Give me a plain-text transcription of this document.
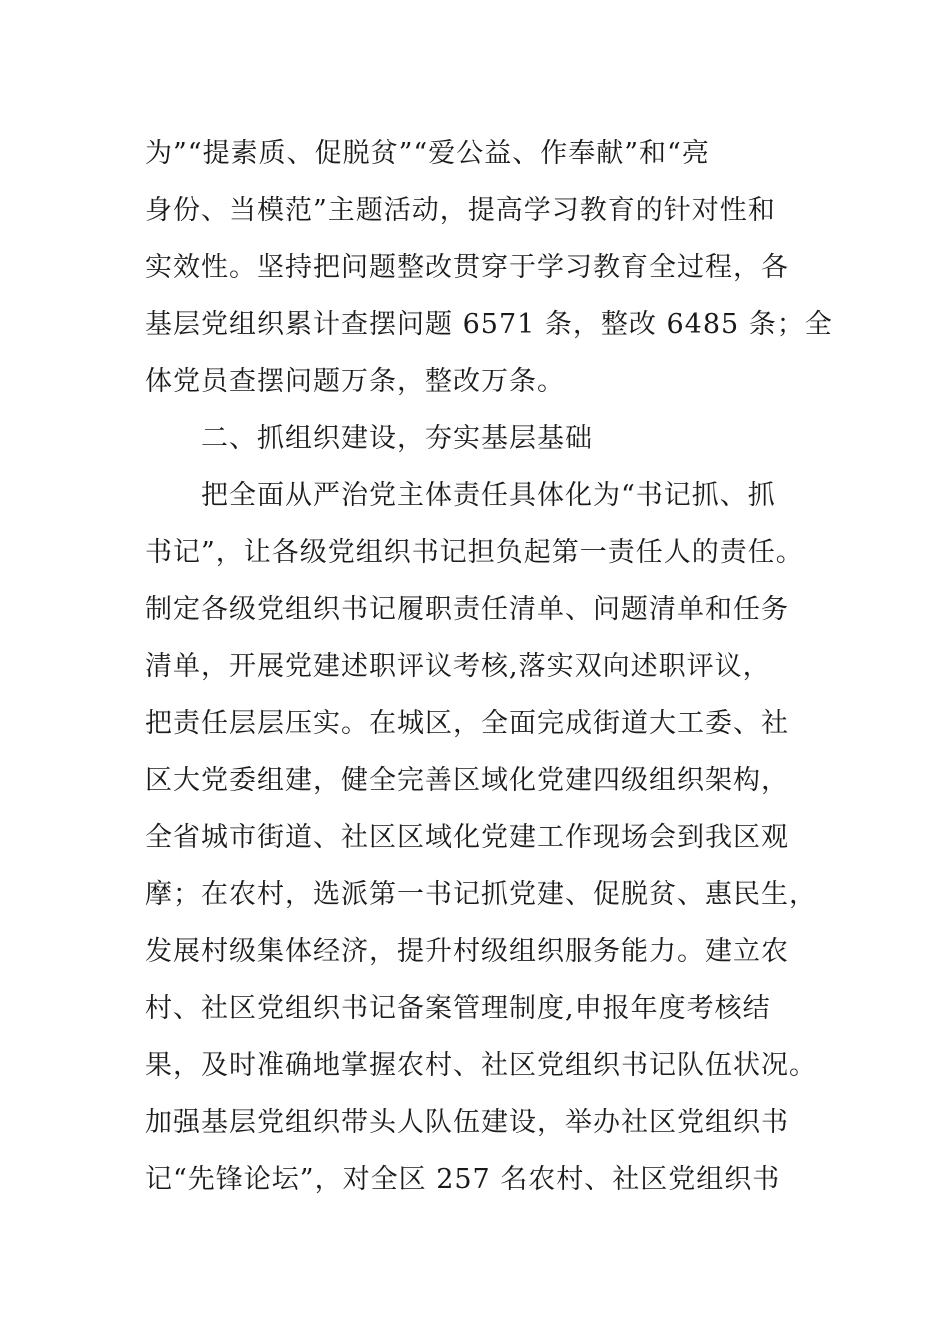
为”“提素质、促脱贫”“爱公益、作奉献”和“亮
身份、当模范”主题活动，提高学习教育的针对性和
实效性。坚持把问题整改贯穿于学习教育全过程，各
基层党组织累计查摆问题 6571 条，整改 6485 条；全
体党员查摆问题万条，整改万条。
二、抓组织建设，夯实基层基础
把全面从严治党主体责任具体化为“书记抓、抓
书记”，让各级党组织书记担负起第一责任人的责任。
制定各级党组织书记履职责任清单、问题清单和任务
清单，开展党建述职评议考核,落实双向述职评议，
把责任层层压实。在城区，全面完成街道大工委、社
区大党委组建，健全完善区域化党建四级组织架构，
全省城市街道、社区区域化党建工作现场会到我区观
摩；在农村，选派第一书记抓党建、促脱贫、惠民生，
发展村级集体经济，提升村级组织服务能力。建立农
村、社区党组织书记备案管理制度,申报年度考核结
果，及时准确地掌握农村、社区党组织书记队伍状况。
加强基层党组织带头人队伍建设，举办社区党组织书
记“先锋论坛”，对全区 257 名农村、社区党组织书
